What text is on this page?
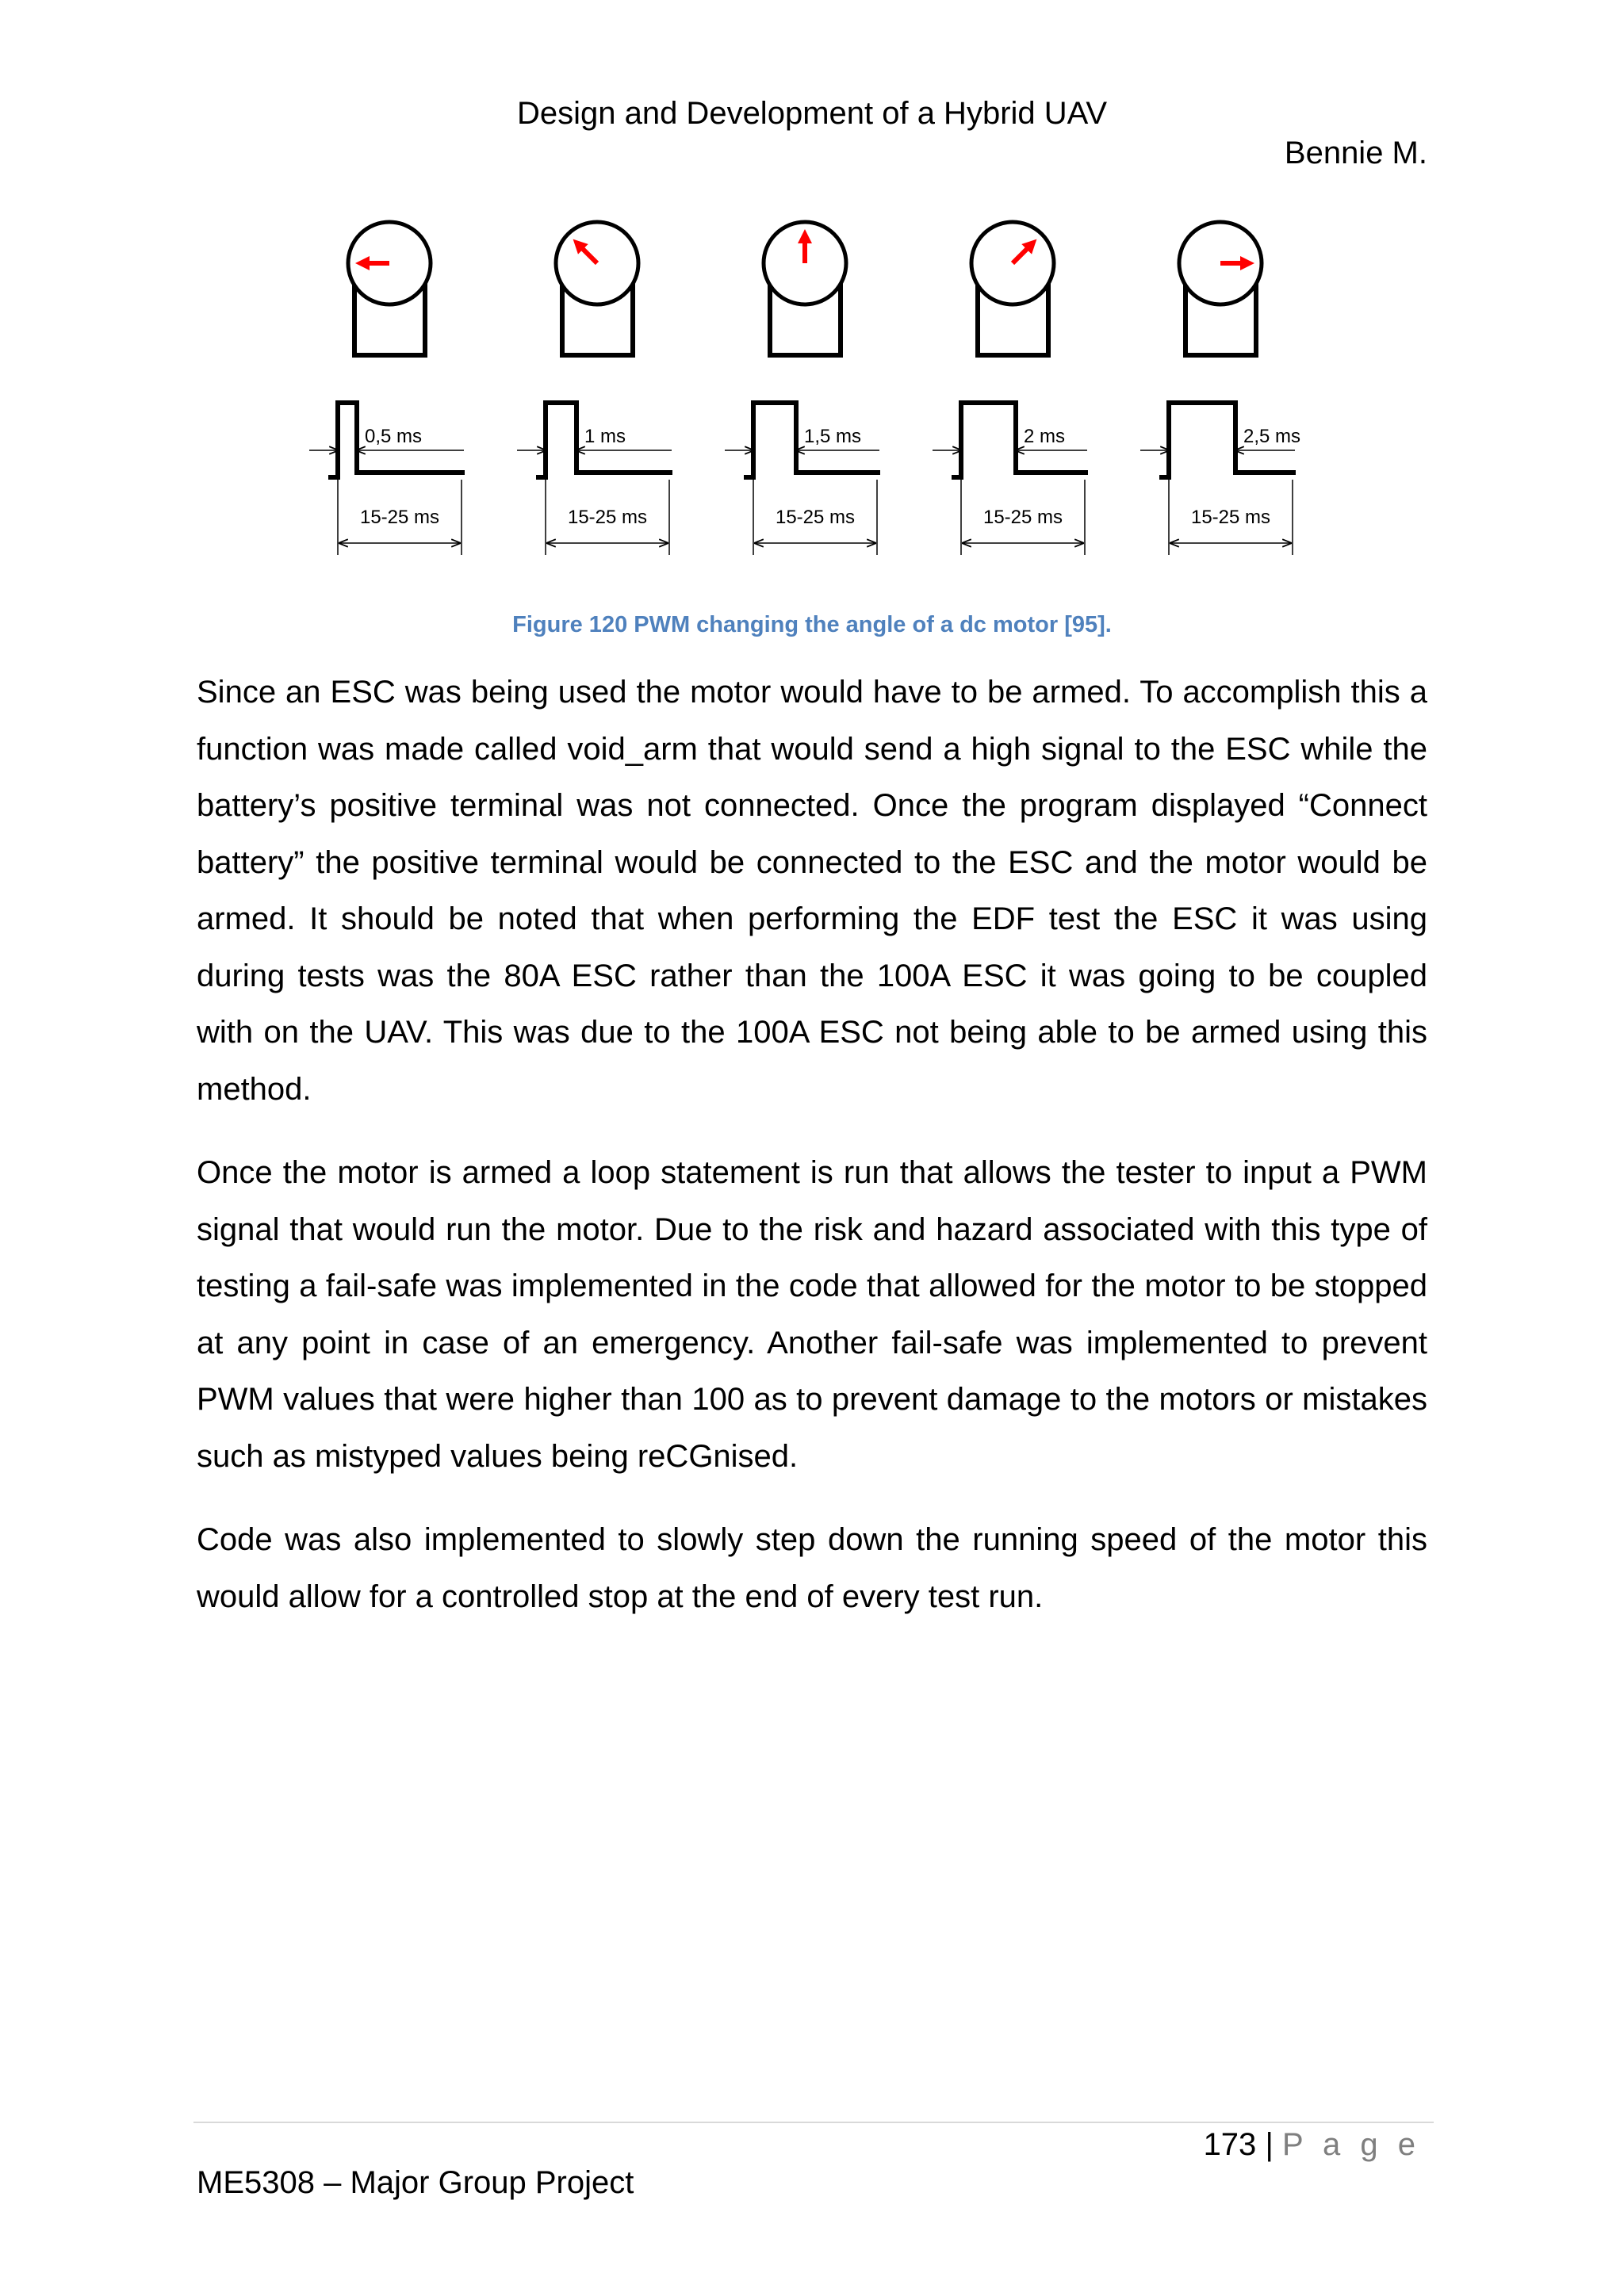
Design and Development of a Hybrid UAV
Bennie M.
0,5 ms
15-25 ms
1 ms
15-25 ms
1,5 ms
15-25 ms
2 ms
15-25 ms
2,5 ms
15-25 ms
Figure 120 PWM changing the angle of a dc motor [95].

Since an ESC was being used the motor would have to be armed. To accomplish this a function was made called void_arm that would send a high signal to the ESC while the battery’s positive terminal was not connected. Once the program displayed “Connect battery” the positive terminal would be connected to the ESC and the motor would be armed. It should be noted that when performing the EDF test the ESC it was using during tests was the 80A ESC rather than the 100A ESC it was going to be coupled with on the UAV. This was due to the 100A ESC not being able to be armed using this method.

Once the motor is armed a loop statement is run that allows the tester to input a PWM signal that would run the motor. Due to the risk and hazard associated with this type of testing a fail-safe was implemented in the code that allowed for the motor to be stopped at any point in case of an emergency. Another fail-safe was implemented to prevent PWM values that were higher than 100 as to prevent damage to the motors or mistakes such as mistyped values being reCGnised.

Code was also implemented to slowly step down the running speed of the motor this would allow for a controlled stop at the end of every test run.

173 | P a g e
ME5308 – Major Group Project
